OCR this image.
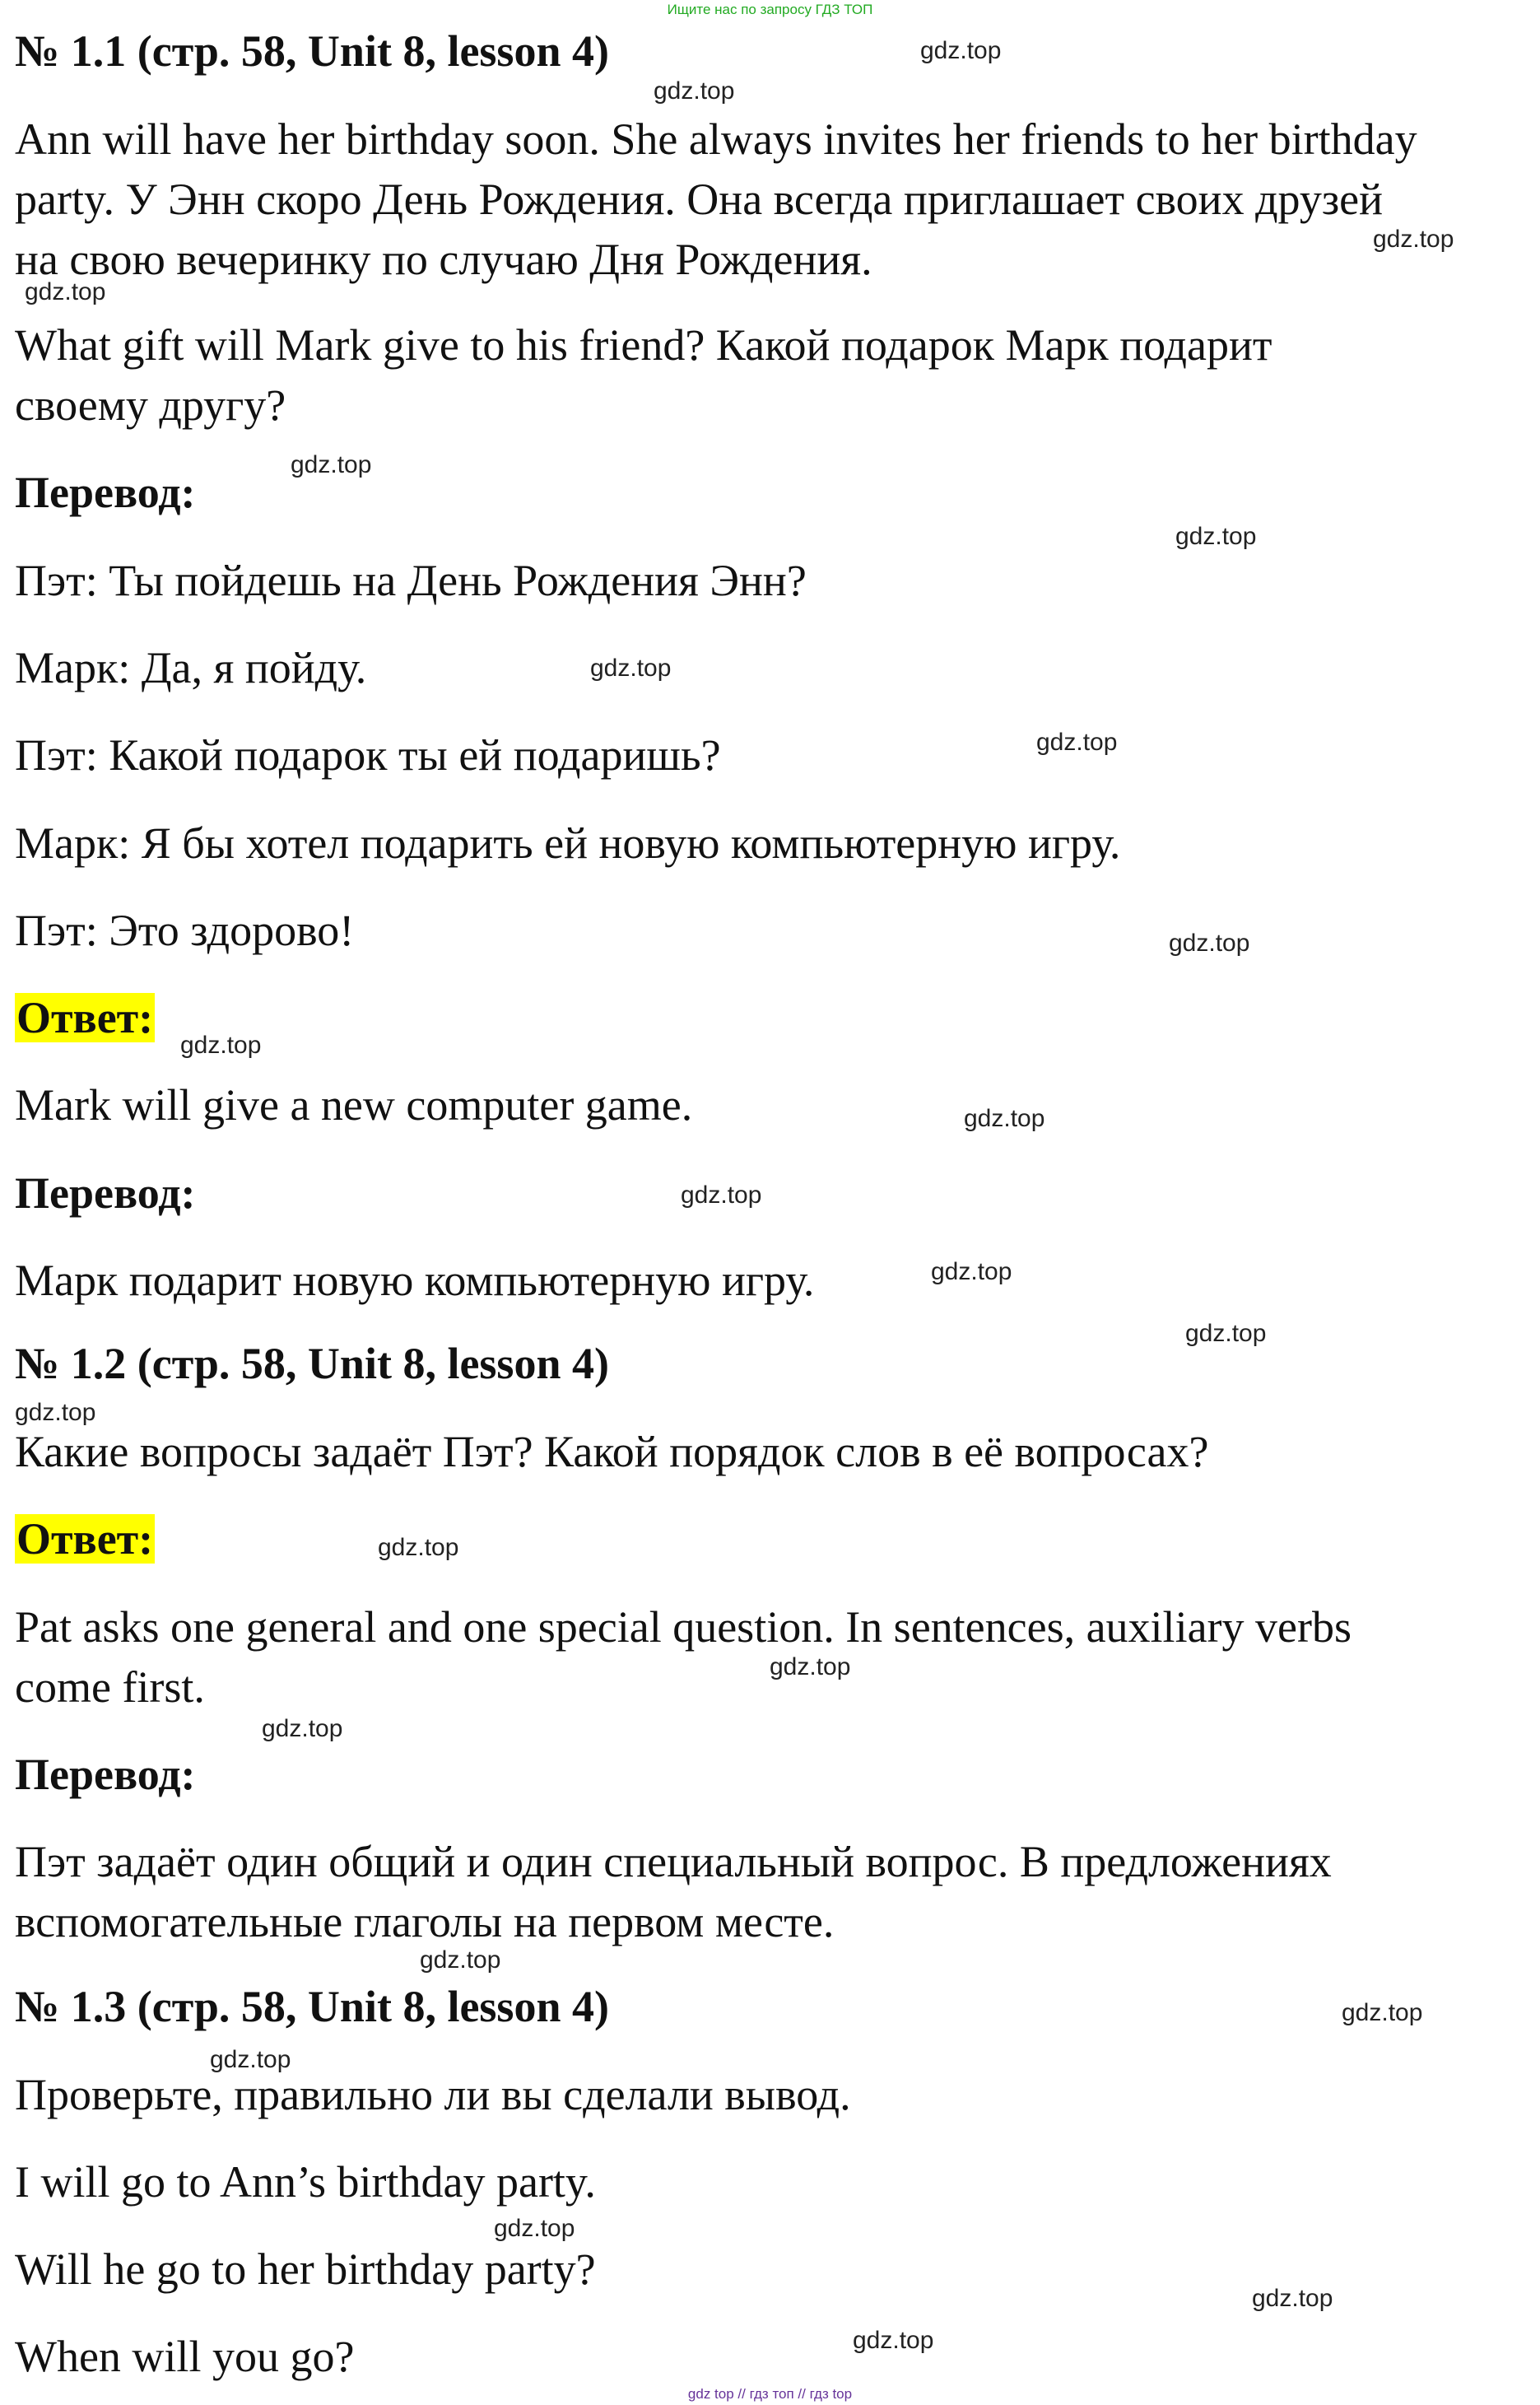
Ищите нас по запросу ГДЗ ТОП
№ 1.1 (стр. 58, Unit 8, lesson 4)
Ann will have her birthday soon. She always invites her friends to her birthday
party. У Энн скоро День Рождения. Она всегда приглашает своих друзей
на свою вечеринку по случаю Дня Рождения.
What gift will Mark give to his friend? Какой подарок Марк подарит
своему другу?
Перевод:
Пэт: Ты пойдешь на День Рождения Энн?
Марк: Да, я пойду.
Пэт: Какой подарок ты ей подаришь?
Марк: Я бы хотел подарить ей новую компьютерную игру.
Пэт: Это здорово!
Ответ:
Mark will give a new computer game.
Перевод:
Марк подарит новую компьютерную игру.
№ 1.2 (стр. 58, Unit 8, lesson 4)
Какие вопросы задаёт Пэт? Какой порядок слов в её вопросах?
Ответ:
Pat asks one general and one special question. In sentences, auxiliary verbs
come first.
Перевод:
Пэт задаёт один общий и один специальный вопрос. В предложениях
вспомогательные глаголы на первом месте.
№ 1.3 (стр. 58, Unit 8, lesson 4)
Проверьте, правильно ли вы сделали вывод.
I will go to Ann’s birthday party.
Will he go to her birthday party?
When will you go?
gdz.top
gdz.top
gdz.top
gdz.top
gdz.top
gdz.top
gdz.top
gdz.top
gdz.top
gdz.top
gdz.top
gdz.top
gdz.top
gdz.top
gdz.top
gdz.top
gdz.top
gdz.top
gdz.top
gdz.top
gdz.top
gdz.top
gdz.top
gdz.top
gdz top // гдз топ // гдз top
